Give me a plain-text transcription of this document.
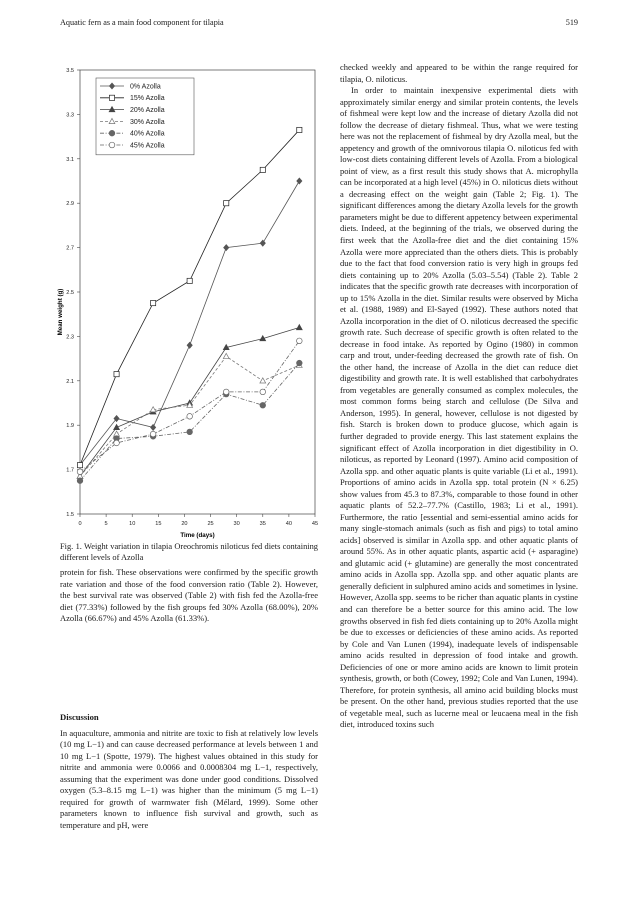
Aquatic fern as a main food component for tilapia	519
0	5	10	15	20	25	30	35	40	45
1.5
1.7
1.9
2.1
2.3
2.5
2.7
2.9
3.1
3.3
3.5
0% Azolla
15% Azolla
20% Azolla
30% Azolla
40% Azolla
45% Azolla
Time (days)
Mean weight (g)
Fig. 1. Weight variation in tilapia Oreochromis niloticus fed diets containing different levels of Azolla

protein for fish. These observations were confirmed by the specific growth rate variation and those of the food conversion ratio (Table 2). However, the best survival rate was observed (Table 2) with fish fed the Azolla-free diet (77.33%) followed by the fish groups fed 30% Azolla (68.00%), 20% Azolla (66.67%) and 45% Azolla (61.33%).

Discussion

In aquaculture, ammonia and nitrite are toxic to fish at relatively low levels (10 mg L−1) and can cause decreased performance at levels between 1 and 10 mg L−1 (Spotte, 1979). The highest values obtained in this study for nitrite and ammonia were 0.0066 and 0.0008304 mg L−1, respectively, assuming that the experiment was done under good conditions. Dissolved oxygen (5.3–8.15 mg L−1) was higher than the minimum (5 mg L−1) required for growth of warmwater fish (Mélard, 1999). Some other parameters known to influence fish survival and growth, such as temperature and pH, were

checked weekly and appeared to be within the range required for tilapia, O. niloticus.

In order to maintain inexpensive experimental diets with approximately similar energy and similar protein contents, the levels of fishmeal were kept low and the increase of dietary Azolla did not follow the decrease of dietary fishmeal. Thus, what we were testing here was not the replacement of fishmeal by dry Azolla meal, but the appetency and growth of the omnivorous tilapia O. niloticus fed with low-cost diets containing different levels of Azolla. From a biological point of view, as a first result this study shows that A. microphylla can be incorporated at a high level (45%) in O. niloticus diets without a decreasing effect on the weight gain (Table 2; Fig. 1). The significant differences among the dietary Azolla levels for the growth parameters might be due to different appetency between experimental diets. Indeed, at the beginning of the trials, we observed during the first week that the Azolla-free diet and the diet containing 15% Azolla were more appreciated than the others diets. This is probably due to the fact that food conversion ratio is very high in groups fed diets containing up to 20% Azolla (5.03–5.54) (Table 2). Table 2 indicates that the specific growth rate decreases with incorporation of up to 15% Azolla in the diet. Similar results were observed by Micha et al. (1988, 1989) and El-Sayed (1992). These authors noted that Azolla incorporation in the diet of O. niloticus decreased the specific growth rate. Such decrease of specific growth is often related to the decrease in food intake. As reported by Ogino (1980) in common carp and trout, under-feeding decreased the growth rate of fish. On the other hand, the increase of Azolla in the diet can reduce diet digestibility and growth rate. It is well established that carbohydrates from vegetables are generally consumed as complex molecules, the most common forms being starch and cellulose (De Silva and Anderson, 1995). In general, however, cellulose is not digested by fish. Starch is broken down to produce glucose, which again is further degraded to provide energy. This last statement explains the significant effect of Azolla incorporation in diet digestibility in O. niloticus, as reported by Leonard (1997). Amino acid composition of Azolla spp. and other aquatic plants is quite variable (Li et al., 1991). Proportions of amino acids in Azolla spp. total protein (N × 6.25) show values from 45.3 to 87.3%, comparable to those found in other aquatic plants of 52.2–77.7% (Castillo, 1983; Li et al., 1991). Furthermore, the ratio [essential and semi-essential amino acids for many single-stomach animals (such as fish and pigs) to total amino acids] observed is similar in Azolla spp. and other aquatic plants of around 55%. As in other aquatic plants, aspartic acid (+ asparagine) and glutamic acid (+ glutamine) are generally the most concentrated amino acids in Azolla spp. Azolla spp. and other aquatic plants are generally deficient in sulphured amino acids and sometimes in lysine. However, Azolla spp. seems to be richer than aquatic plants in cystine and can therefore be a better source for this amino acid. The low growths observed in fish fed diets containing up to 20% Azolla might be due to excesses or deficiencies of these amino acids. As reported by Cole and Van Lunen (1994), inadequate levels of indispensable amino acids resulted in depression of food intake and growth. Deficiencies of one or more amino acids are known to limit protein synthesis, growth, or both (Cowey, 1992; Cole and Van Lunen, 1994). Therefore, for protein synthesis, all amino acid building blocks must be present. On the other hand, previous studies reported that the use of vegetable meal, such as lucerne meal or leucaena meal in the fish diet, introduced toxins such
